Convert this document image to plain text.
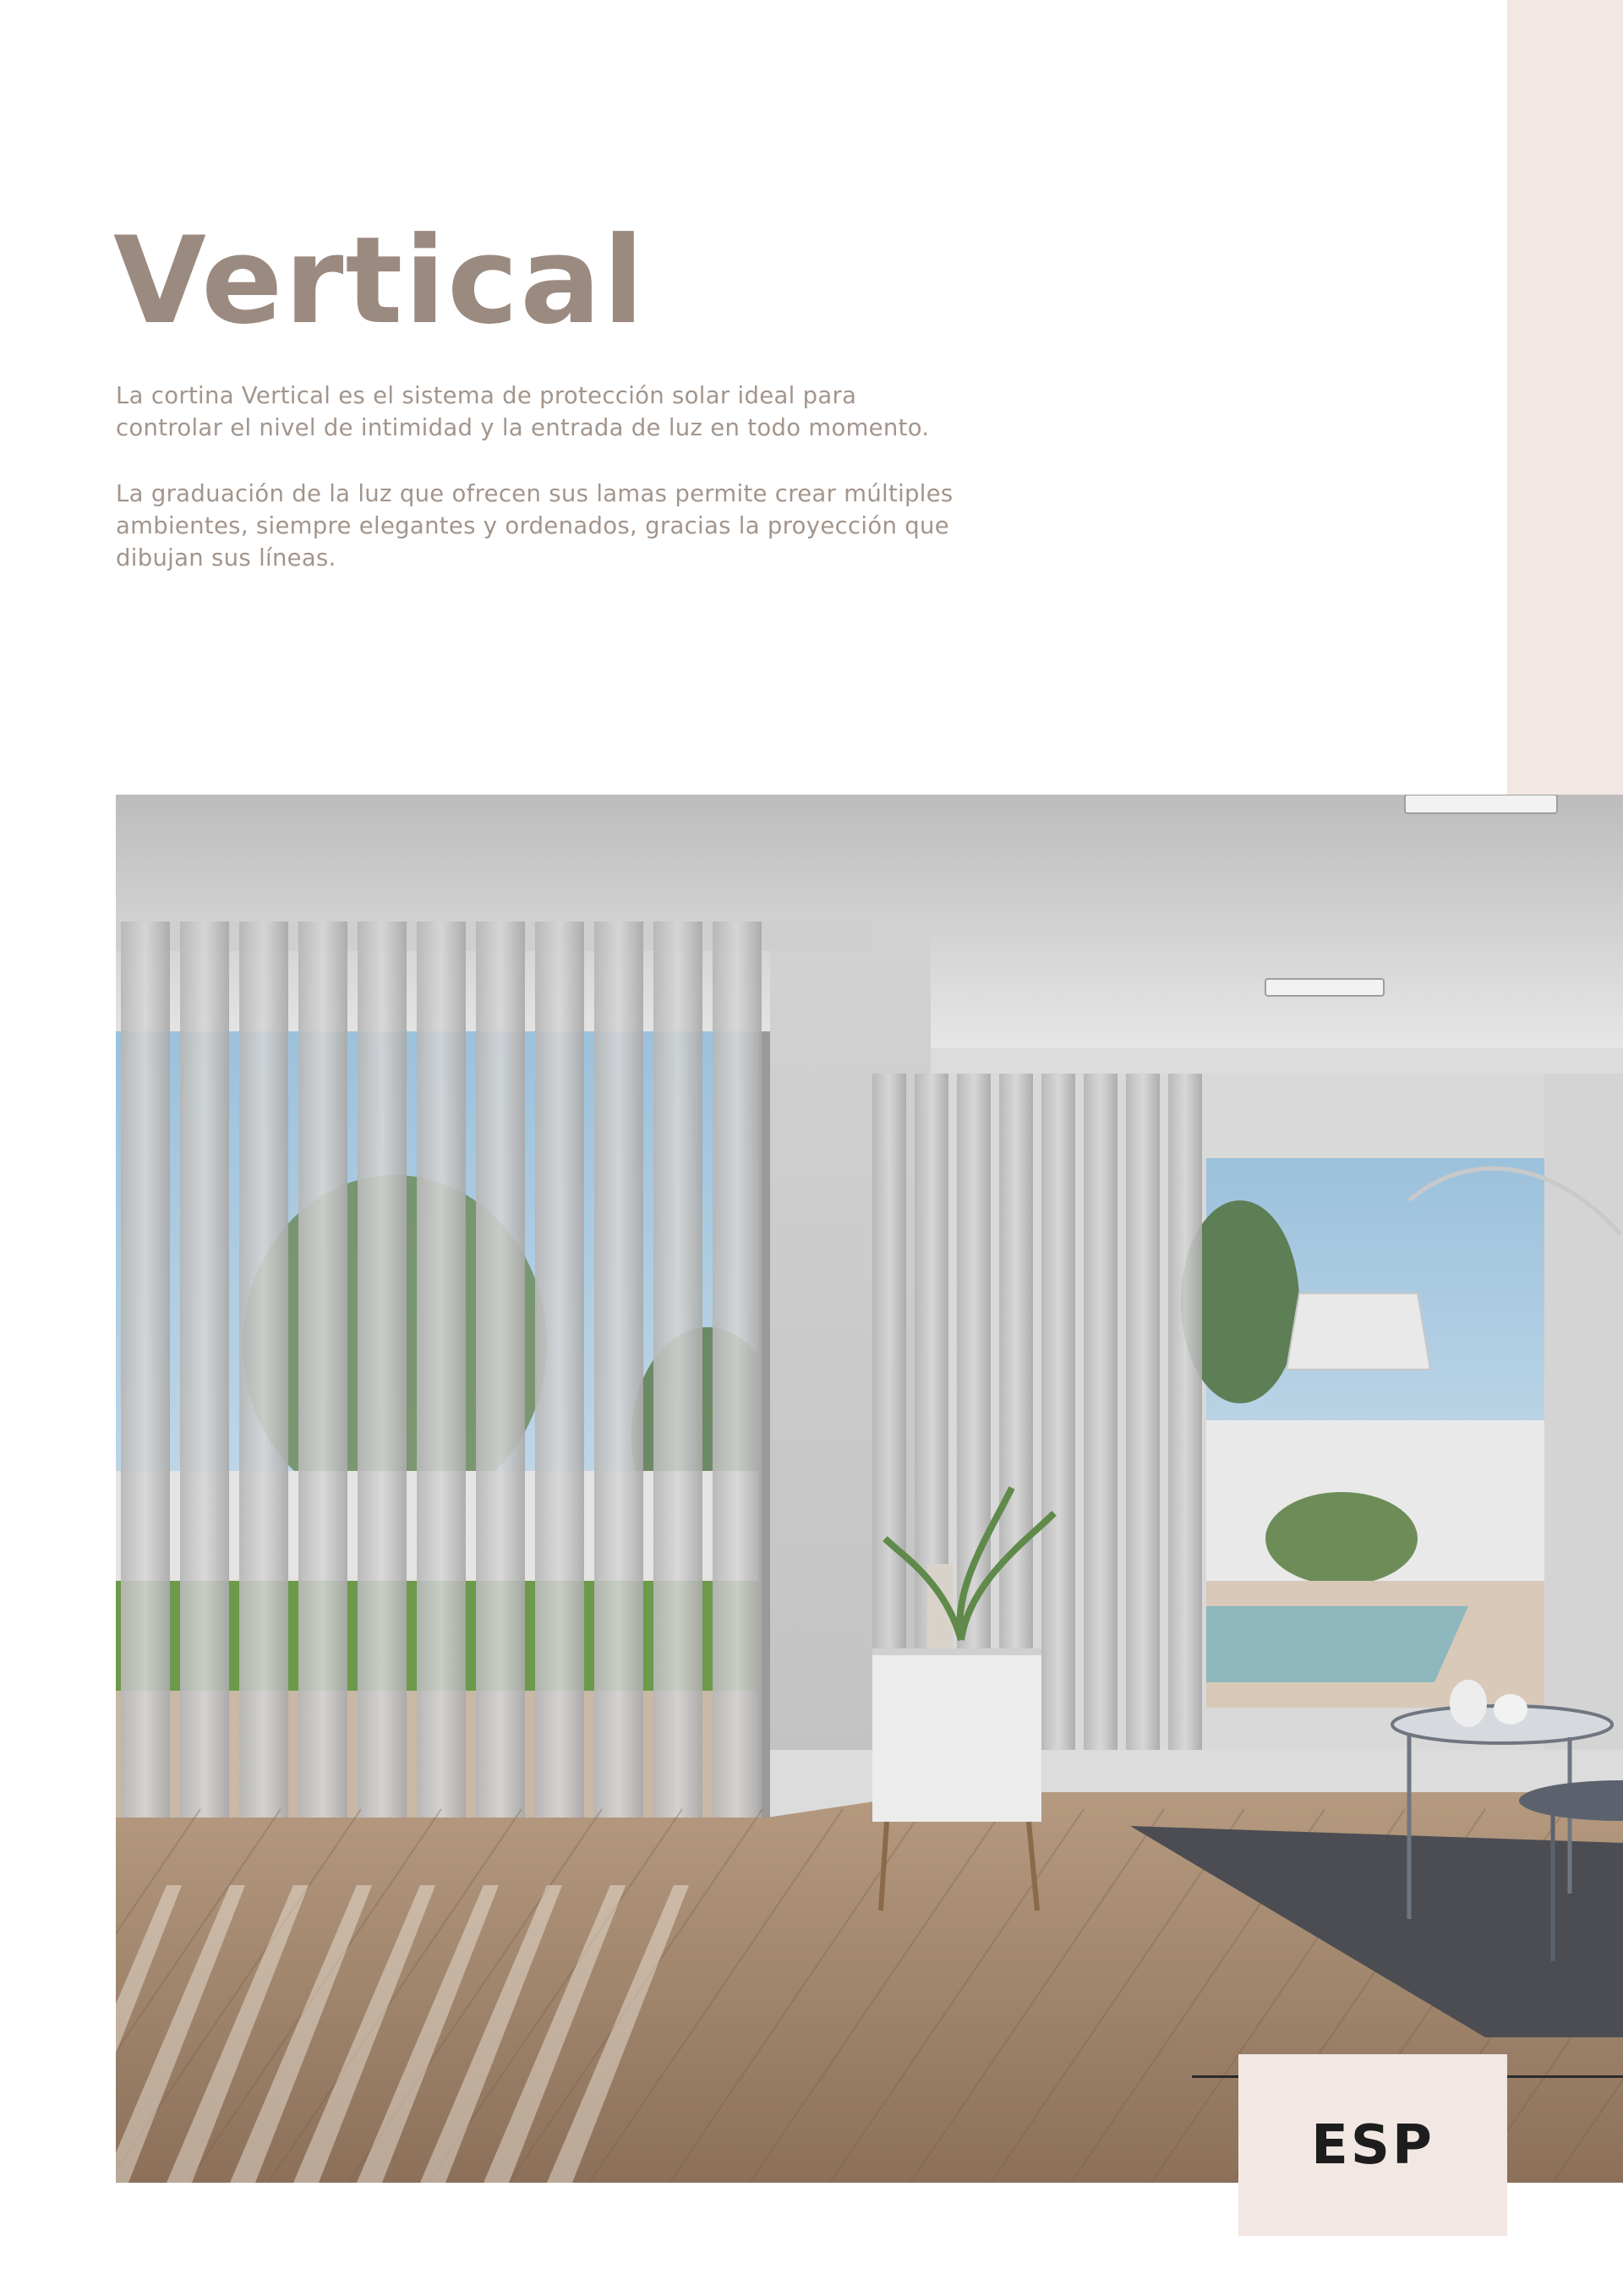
Vertical

La cortina Vertical es el sistema de protección solar ideal para controlar el nivel de intimidad y la entrada de luz en todo momento.

La graduación de la luz que ofrecen sus lamas permite crear múltiples ambientes, siempre elegantes y ordenados, gracias la proyección que dibujan sus líneas.

ESP
